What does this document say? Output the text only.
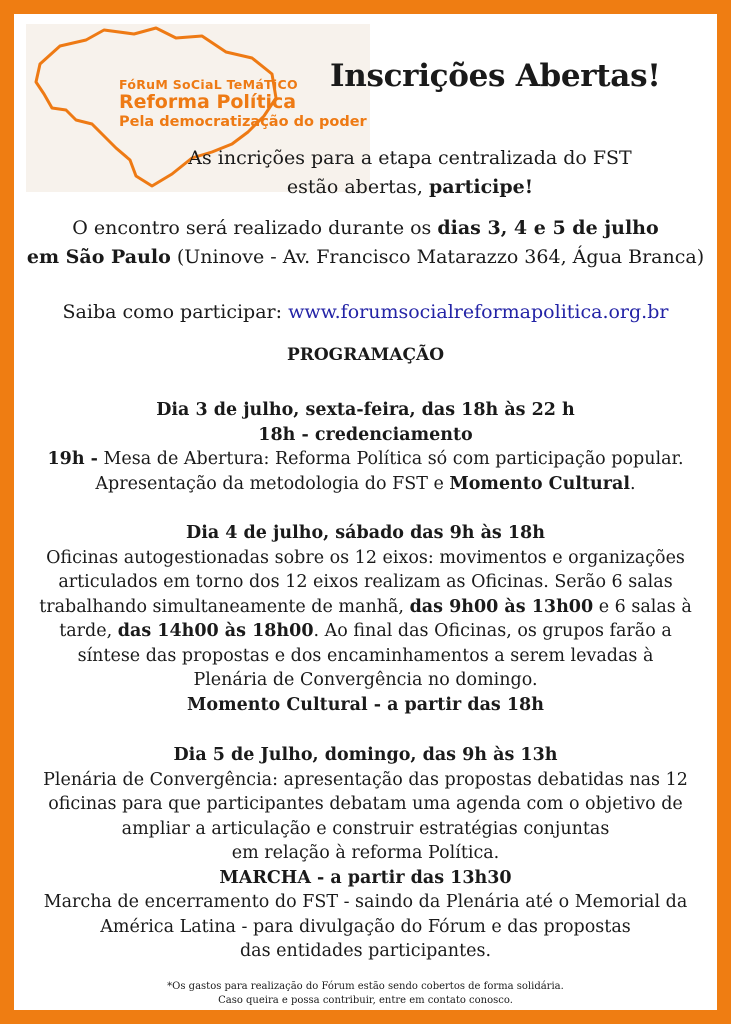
FóRuM SoCiaL TeMáTiCO
Reforma Política
Pela democratização do poder
Inscrições Abertas!

As incrições para a etapa centralizada do FST

estão abertas, participe!

O encontro será realizado durante os dias 3, 4 e 5 de julho

em São Paulo (Uninove - Av. Francisco Matarazzo 364, Água Branca)

Saiba como participar: www.forumsocialreformapolitica.org.br
PROGRAMAÇÃO

Dia 3 de julho, sexta-feira, das 18h às 22 h

18h - credenciamento

19h - Mesa de Abertura: Reforma Política só com participação popular.

Apresentação da metodologia do FST e Momento Cultural.

Dia 4 de julho, sábado das 9h às 18h

Oficinas autogestionadas sobre os 12 eixos: movimentos e organizações

articulados em torno dos 12 eixos realizam as Oficinas. Serão 6 salas

trabalhando simultaneamente de manhã, das 9h00 às 13h00 e 6 salas à

tarde, das 14h00 às 18h00. Ao final das Oficinas, os grupos farão a

síntese das propostas e dos encaminhamentos a serem levadas à

Plenária de Convergência no domingo.

Momento Cultural - a partir das 18h

Dia 5 de Julho, domingo, das 9h às 13h

Plenária de Convergência: apresentação das propostas debatidas nas 12

oficinas para que participantes debatam uma agenda com o objetivo de

ampliar a articulação e construir estratégias conjuntas

em relação à reforma Política.

MARCHA - a partir das 13h30

Marcha de encerramento do FST - saindo da Plenária até o Memorial da

América Latina - para divulgação do Fórum e das propostas

das entidades participantes.

*Os gastos para realização do Fórum estão sendo cobertos de forma solidária.

Caso queira e possa contribuir, entre em contato conosco.
